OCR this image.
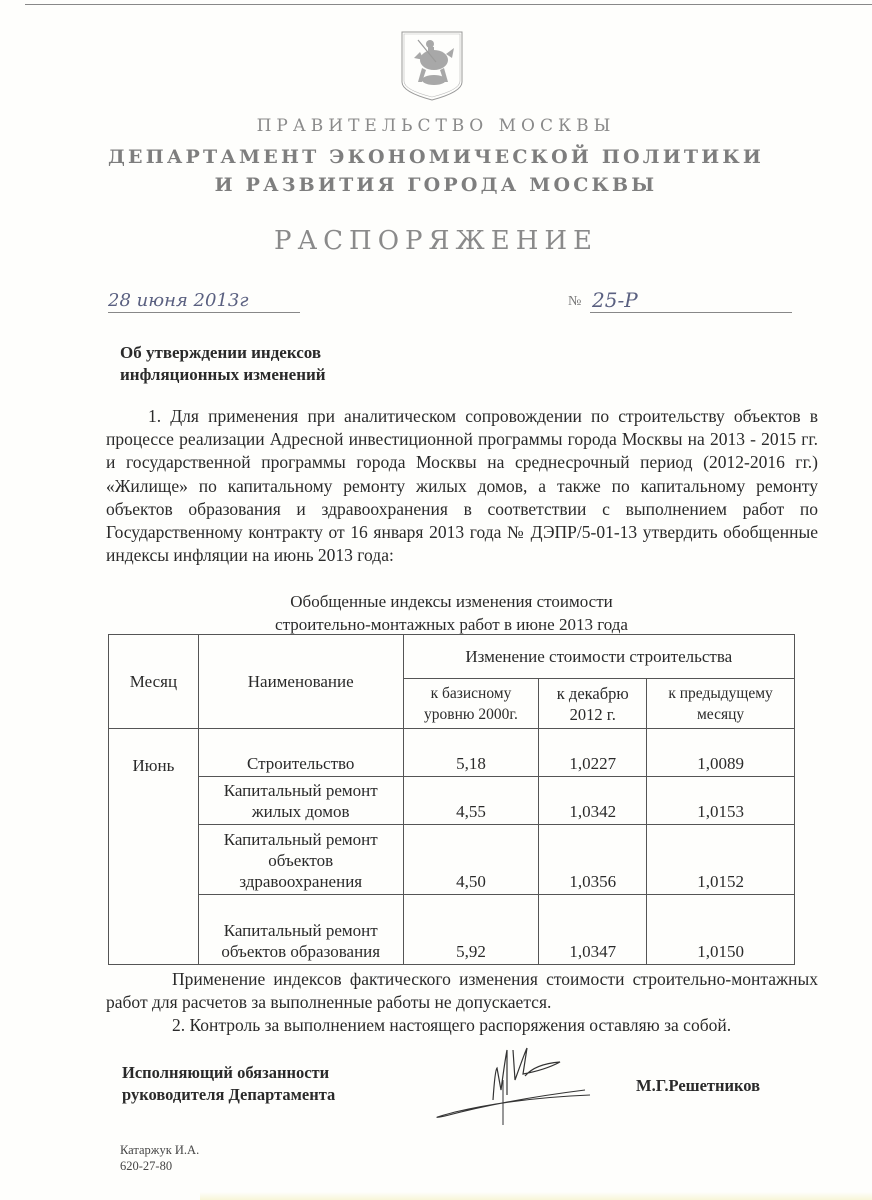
ПРАВИТЕЛЬСТВО МОСКВЫ
ДЕПАРТАМЕНТ ЭКОНОМИЧЕСКОЙ ПОЛИТИКИ
И РАЗВИТИЯ ГОРОДА МОСКВЫ
РАСПОРЯЖЕНИЕ
28 июня 2013г	№ 25-Р
Об утверждении индексов
инфляционных изменений
1. Для применения при аналитическом сопровождении по строительству объектов в процессе реализации Адресной инвестиционной программы города Москвы на 2013 - 2015 гг. и государственной программы города Москвы на среднесрочный период (2012-2016 гг.) «Жилище» по капитальному ремонту жилых домов, а также по капитальному ремонту объектов образования и здравоохранения в соответствии с выполнением работ по Государственному контракту от 16 января 2013 года № ДЭПР/5-01-13 утвердить обобщенные индексы инфляции на июнь 2013 года:
Обобщенные индексы изменения стоимости
строительно-монтажных работ в июне 2013 года
Месяц	Наименование	Изменение стоимости строительства		
		к базисному уровню 2000г.	к декабрю 2012 г.	к предыдущему месяцу
Июнь	Строительство	5,18	1,0227	1,0089
	Капитальный ремонт жилых домов	4,55	1,0342	1,0153
	Капитальный ремонт объектов здравоохранения	4,50	1,0356	1,0152
	Капитальный ремонт объектов образования	5,92	1,0347	1,0150
Применение индексов фактического изменения стоимости строительно-монтажных работ для расчетов за выполненные работы не допускается.
2. Контроль за выполнением настоящего распоряжения оставляю за собой.
Исполняющий обязанности
руководителя Департамента	М.Г.Решетников
Катаржук И.А.
620-27-80
